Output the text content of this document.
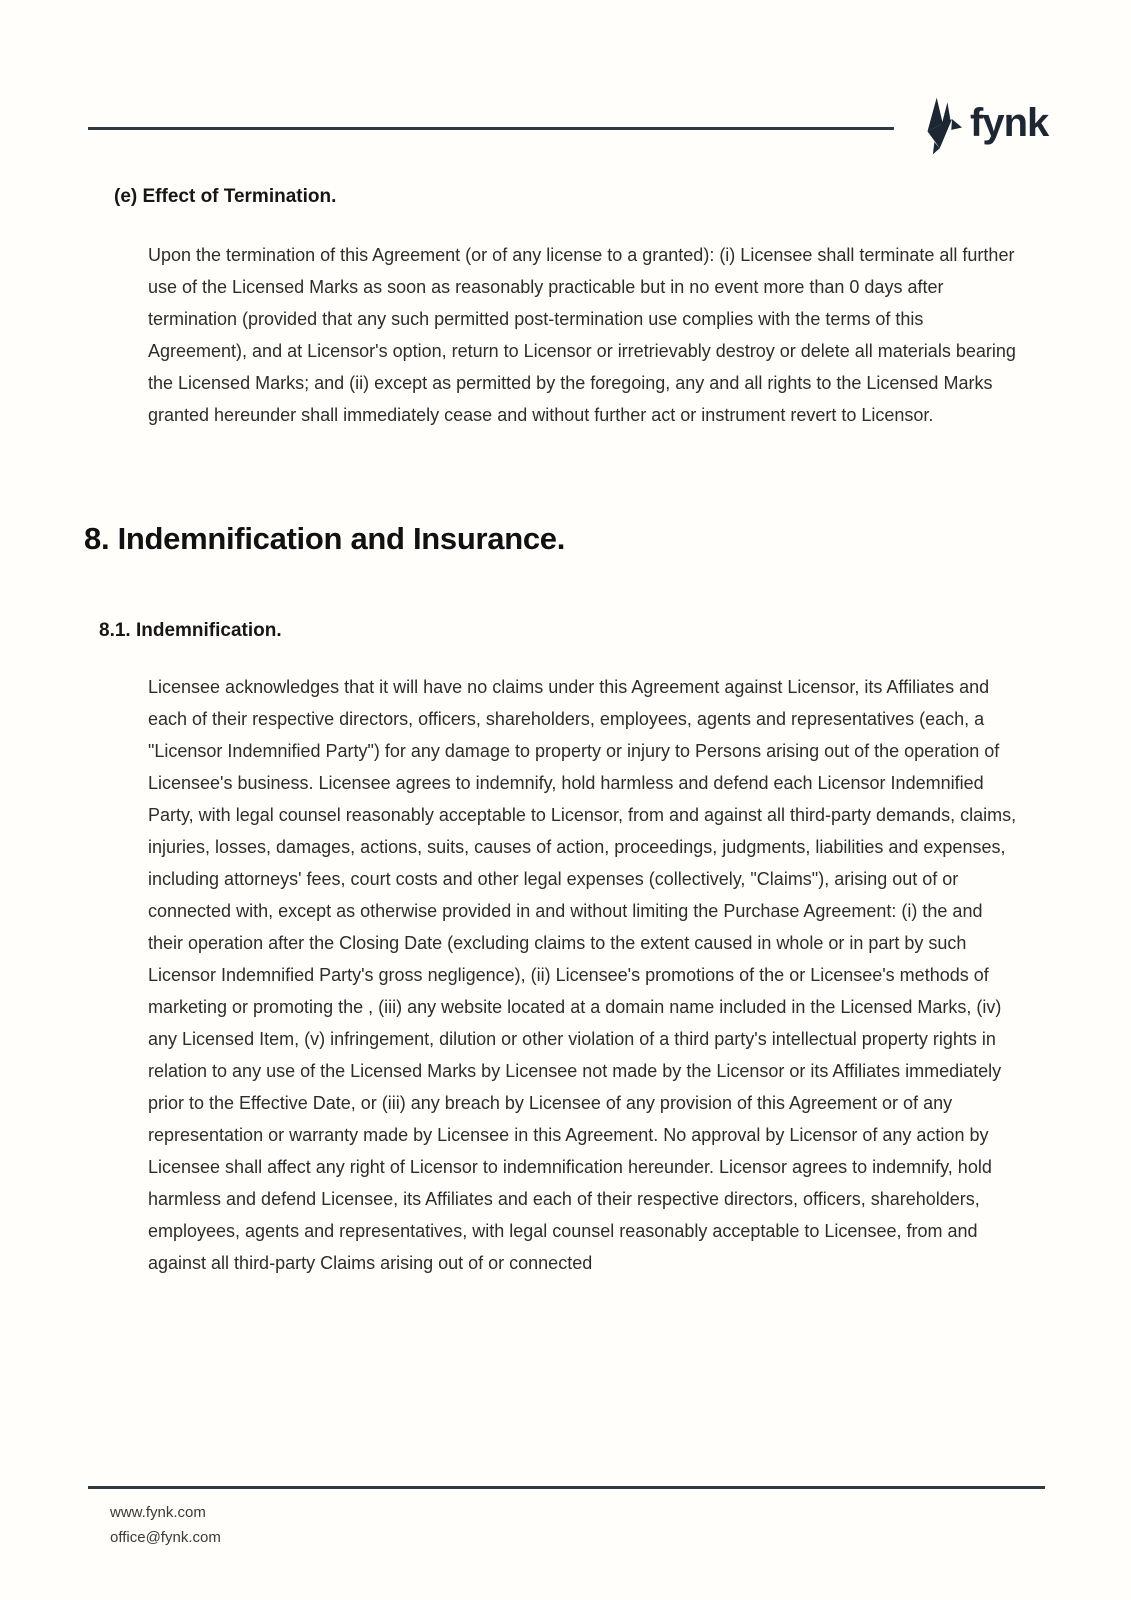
fynk
(e) Effect of Termination.
Upon the termination of this Agreement (or of any license to a granted): (i) Licensee shall terminate all further use of the Licensed Marks as soon as reasonably practicable but in no event more than 0 days after termination (provided that any such permitted post-termination use complies with the terms of this Agreement), and at Licensor's option, return to Licensor or irretrievably destroy or delete all materials bearing the Licensed Marks; and (ii) except as permitted by the foregoing, any and all rights to the Licensed Marks granted hereunder shall immediately cease and without further act or instrument revert to Licensor.
8. Indemnification and Insurance.
8.1. Indemnification.
Licensee acknowledges that it will have no claims under this Agreement against Licensor, its Affiliates and each of their respective directors, officers, shareholders, employees, agents and representatives (each, a "Licensor Indemnified Party") for any damage to property or injury to Persons arising out of the operation of Licensee's business. Licensee agrees to indemnify, hold harmless and defend each Licensor Indemnified Party, with legal counsel reasonably acceptable to Licensor, from and against all third-party demands, claims, injuries, losses, damages, actions, suits, causes of action, proceedings, judgments, liabilities and expenses, including attorneys' fees, court costs and other legal expenses (collectively, "Claims"), arising out of or connected with, except as otherwise provided in and without limiting the Purchase Agreement: (i) the and their operation after the Closing Date (excluding claims to the extent caused in whole or in part by such Licensor Indemnified Party's gross negligence), (ii) Licensee's promotions of the or Licensee's methods of marketing or promoting the , (iii) any website located at a domain name included in the Licensed Marks, (iv) any Licensed Item, (v) infringement, dilution or other violation of a third party's intellectual property rights in relation to any use of the Licensed Marks by Licensee not made by the Licensor or its Affiliates immediately prior to the Effective Date, or (iii) any breach by Licensee of any provision of this Agreement or of any representation or warranty made by Licensee in this Agreement. No approval by Licensor of any action by Licensee shall affect any right of Licensor to indemnification hereunder. Licensor agrees to indemnify, hold harmless and defend Licensee, its Affiliates and each of their respective directors, officers, shareholders, employees, agents and representatives, with legal counsel reasonably acceptable to Licensee, from and against all third-party Claims arising out of or connected
www.fynk.com
office@fynk.com
